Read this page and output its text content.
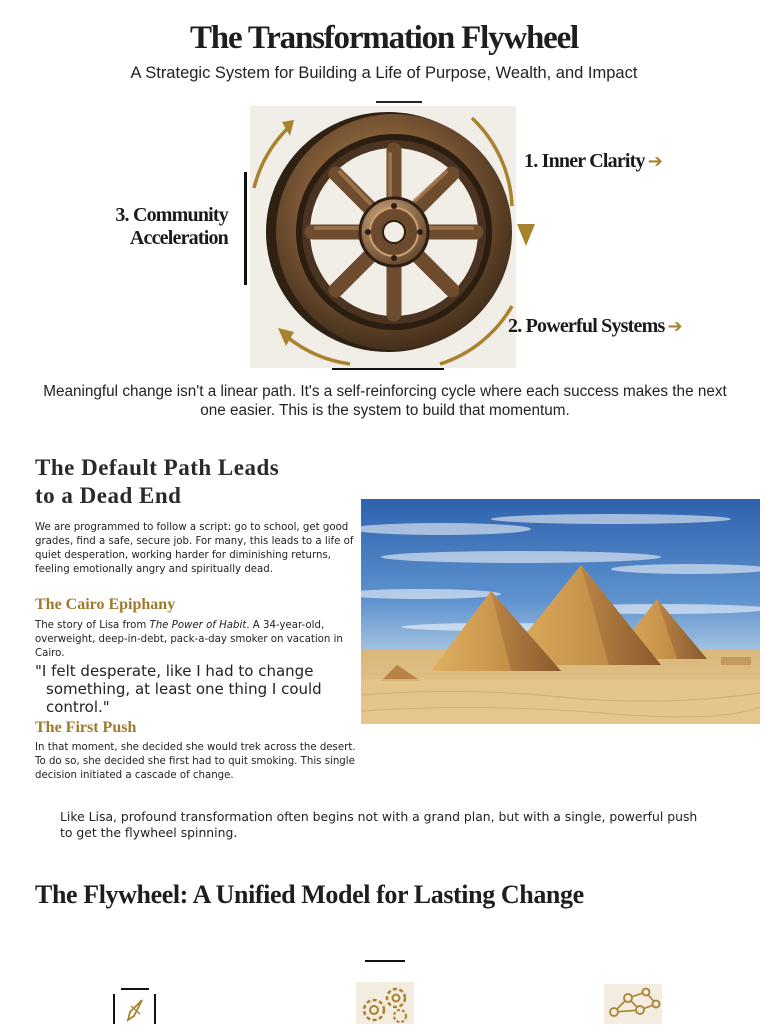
The Transformation Flywheel
A Strategic System for Building a Life of Purpose, Wealth, and Impact
1. Inner Clarity ➔
2. Powerful Systems ➔
3. Community
Acceleration
Meaningful change isn't a linear path. It's a self-reinforcing cycle where each success makes the next one easier. This is the system to build that momentum.
The Default Path Leads
to a Dead End
We are programmed to follow a script: go to school, get good grades, find a safe, secure job. For many, this leads to a life of quiet desperation, working harder for diminishing returns, feeling emotionally angry and spiritually dead.
The Cairo Epiphany
The story of Lisa from The Power of Habit. A 34-year-old, overweight, deep-in-debt, pack-a-day smoker on vacation in Cairo.
"I felt desperate, like I had to change
something, at least one thing I could
control."
The First Push
In that moment, she decided she would trek across the desert. To do so, she decided she first had to quit smoking. This single decision initiated a cascade of change.
Like Lisa, profound transformation often begins not with a grand plan, but with a single, powerful push to get the flywheel spinning.
The Flywheel: A Unified Model for Lasting Change
